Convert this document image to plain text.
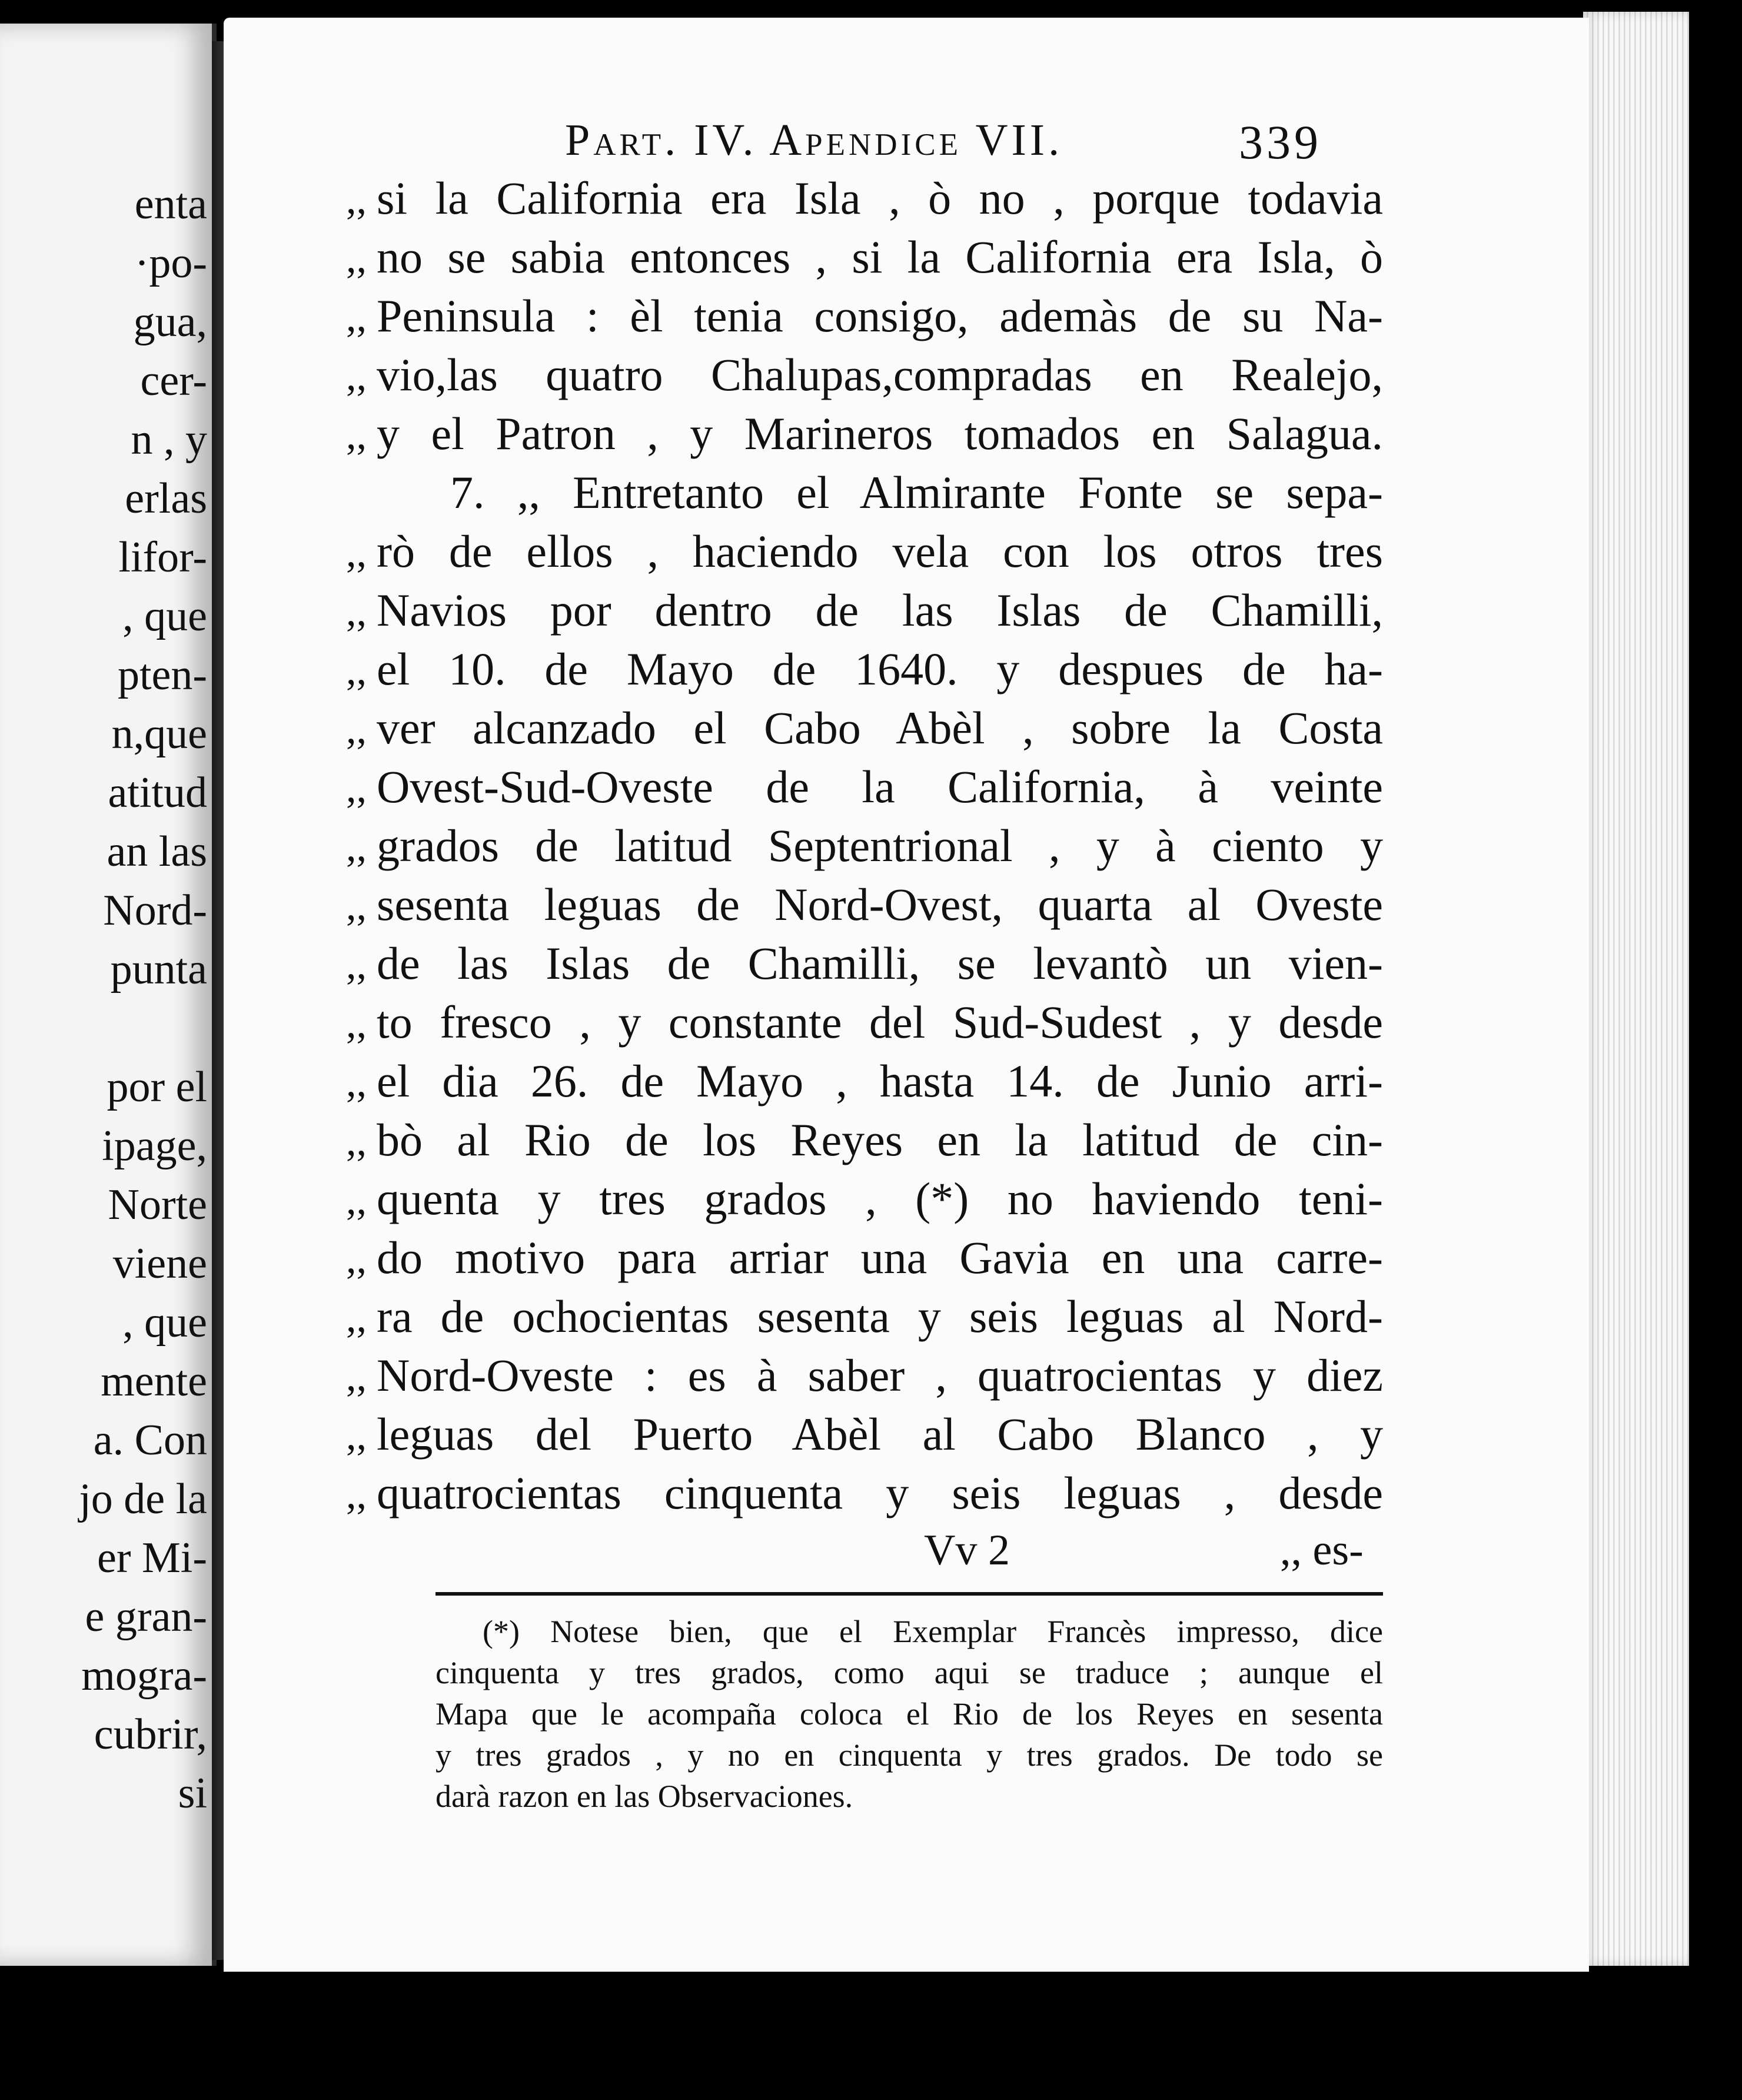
enta
·po-
gua,
cer-
n , y
erlas
lifor-
, que
pten-
n,que
atitud
an las
Nord-
punta
por el
ipage,
Norte
viene
, que
mente
a. Con
jo de la
er Mi-
e gran-
mogra-
cubrir,
si
Part. IV. Apendice VII.	339
,,
,,
,,
,,
,,
,,
,,
,,
,,
,,
,,
,,
,,
,,
,,
,,
,,
,,
,,
,,
,,
,,
si la California era Isla , ò no , porque todavia
no se sabia entonces , si la California era Isla, ò
Peninsula : èl tenia consigo, ademàs de su Na-
vio,las quatro Chalupas,compradas en Realejo,
y el Patron , y Marineros tomados en Salagua.
7. ,, Entretanto el Almirante Fonte se sepa-
rò de ellos , haciendo vela con los otros tres
Navios por dentro de las Islas de Chamilli,
el 10. de Mayo de 1640. y despues de ha-
ver alcanzado el Cabo Abèl , sobre la Costa
Ovest-Sud-Oveste de la California, à veinte
grados de latitud Septentrional , y à ciento y
sesenta leguas de Nord-Ovest, quarta al Oveste
de las Islas de Chamilli, se levantò un vien-
to fresco , y constante del Sud-Sudest , y desde
el dia 26. de Mayo , hasta 14. de Junio arri-
bò al Rio de los Reyes en la latitud de cin-
quenta y tres grados , (*) no haviendo teni-
do motivo para arriar una Gavia en una carre-
ra de ochocientas sesenta y seis leguas al Nord-
Nord-Oveste : es à saber , quatrocientas y diez
leguas del Puerto Abèl al Cabo Blanco , y
quatrocientas cinquenta y seis leguas , desde
Vv 2	,, es-
(*) Notese bien, que el Exemplar Francès impresso, dice
cinquenta y tres grados, como aqui se traduce ; aunque el
Mapa que le acompaña coloca el Rio de los Reyes en sesenta
y tres grados , y no en cinquenta y tres grados. De todo se
darà razon en las Observaciones.
